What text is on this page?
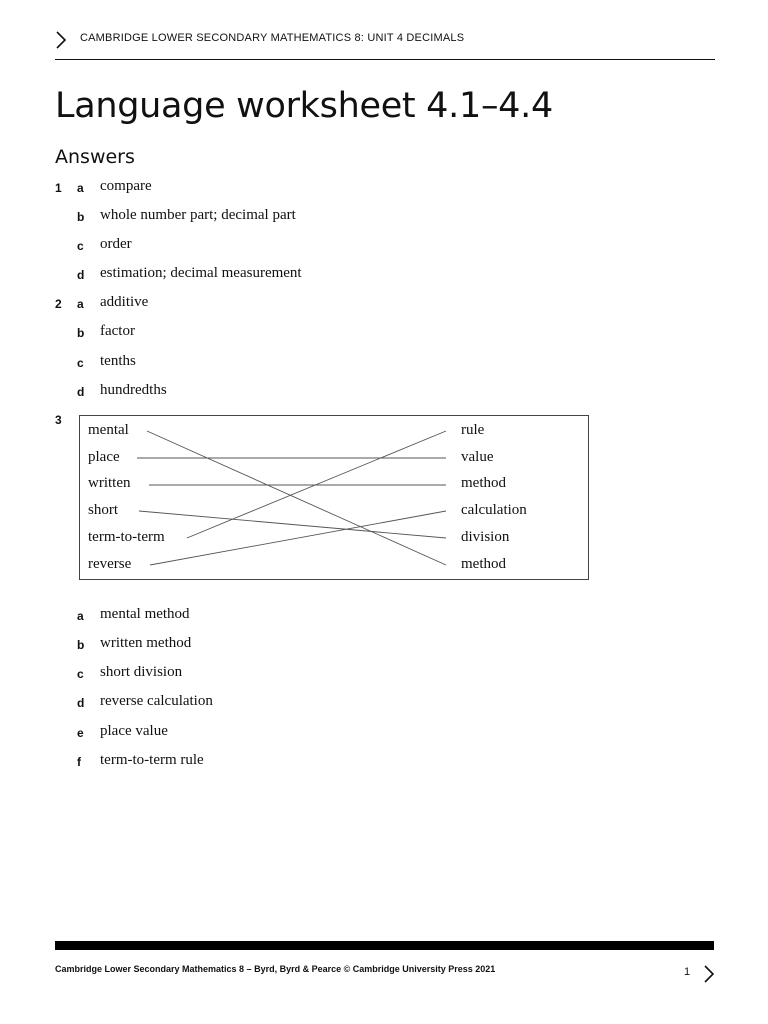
CAMBRIDGE LOWER SECONDARY MATHEMATICS 8: UNIT 4 DECIMALS
Language worksheet 4.1–4.4
Answers
1 a compare
b whole number part; decimal part
c order
d estimation; decimal measurement
2 a additive
b factor
c tenths
d hundredths
3
mental
place
written
short
term-to-term
reverse
rule
value
method
calculation
division
method
a mental method
b written method
c short division
d reverse calculation
e place value
f term-to-term rule
Cambridge Lower Secondary Mathematics 8 – Byrd, Byrd & Pearce © Cambridge University Press 2021	1
